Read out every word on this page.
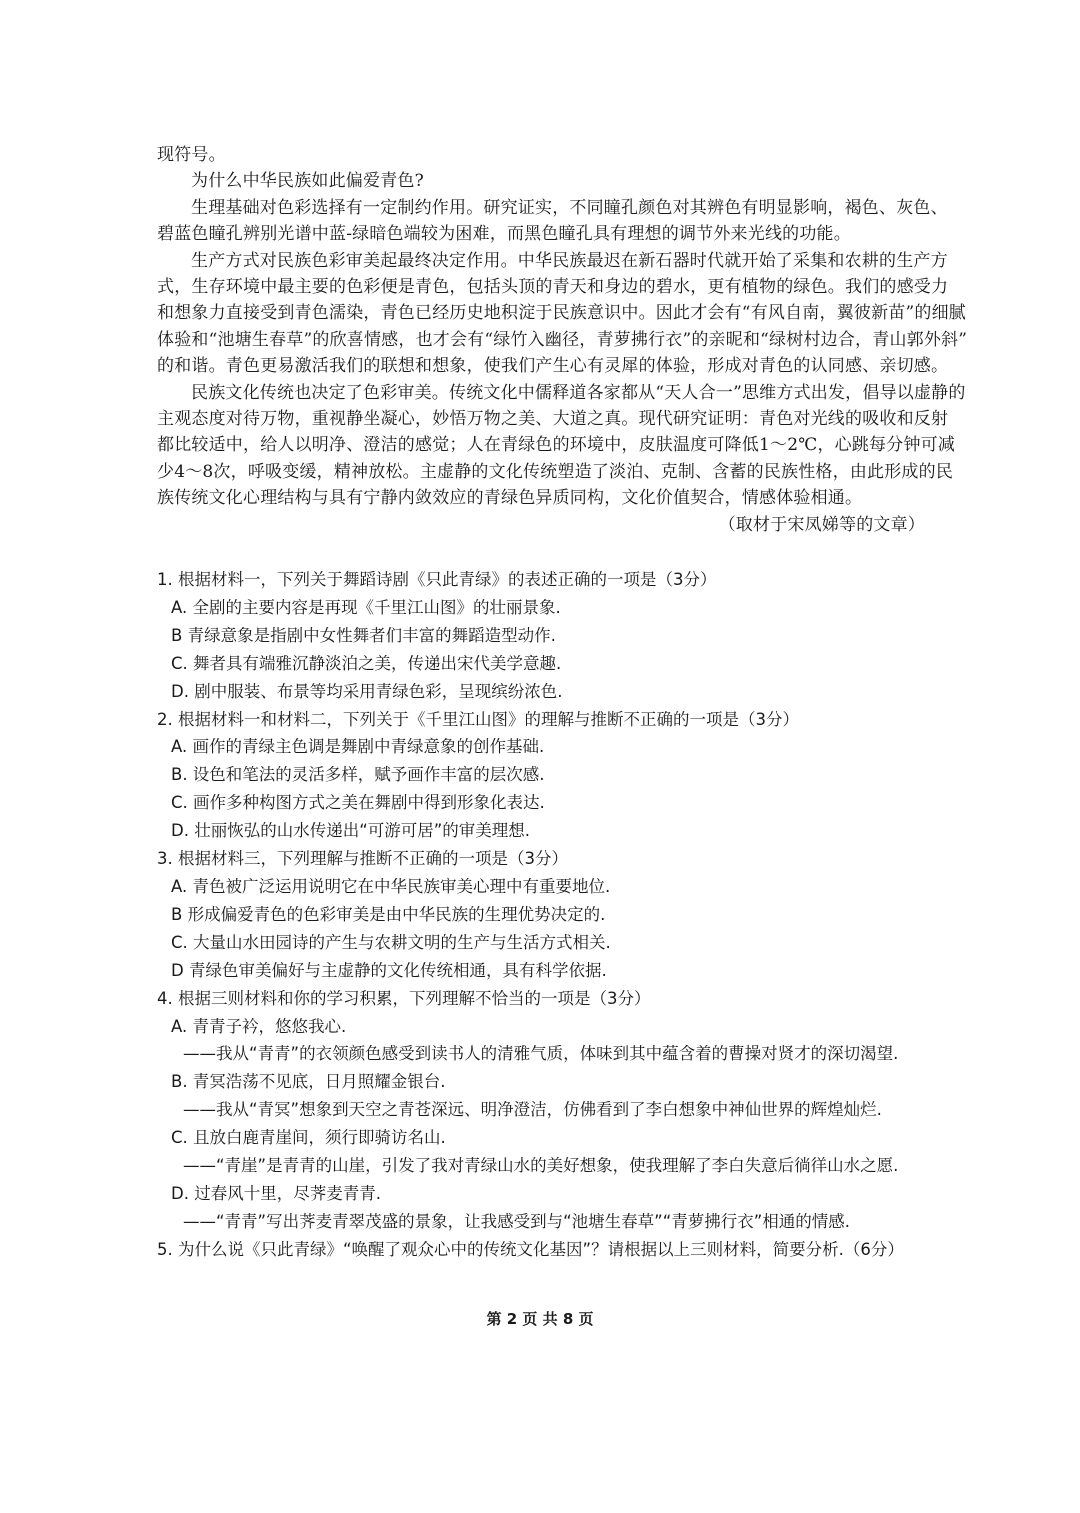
现符号。
为什么中华民族如此偏爱青色?
生理基础对色彩选择有一定制约作用。研究证实，不同瞳孔颜色对其辨色有明显影响，褐色、灰色、
碧蓝色瞳孔辨别光谱中蓝-绿暗色端较为困难，而黑色瞳孔具有理想的调节外来光线的功能。
生产方式对民族色彩审美起最终决定作用。中华民族最迟在新石器时代就开始了采集和农耕的生产方
式，生存环境中最主要的色彩便是青色，包括头顶的青天和身边的碧水，更有植物的绿色。我们的感受力
和想象力直接受到青色濡染，青色已经历史地积淀于民族意识中。因此才会有“有风自南，翼彼新苗”的细腻
体验和“池塘生春草”的欣喜情感，也才会有“绿竹入幽径，青萝拂行衣”的亲昵和“绿树村边合，青山郭外斜”
的和谐。青色更易激活我们的联想和想象，使我们产生心有灵犀的体验，形成对青色的认同感、亲切感。
民族文化传统也决定了色彩审美。传统文化中儒释道各家都从“天人合一”思维方式出发，倡导以虚静的
主观态度对待万物，重视静坐凝心，妙悟万物之美、大道之真。现代研究证明：青色对光线的吸收和反射
都比较适中，给人以明净、澄洁的感觉；人在青绿色的环境中，皮肤温度可降低1～2℃，心跳每分钟可减
少4～8次，呼吸变缓，精神放松。主虚静的文化传统塑造了淡泊、克制、含蓄的民族性格，由此形成的民
族传统文化心理结构与具有宁静内敛效应的青绿色异质同构，文化价值契合，情感体验相通。
（取材于宋凤娣等的文章）
1. 根据材料一，下列关于舞蹈诗剧《只此青绿》的表述正确的一项是（3分）
A. 全剧的主要内容是再现《千里江山图》的壮丽景象.
B 青绿意象是指剧中女性舞者们丰富的舞蹈造型动作.
C. 舞者具有端雅沉静淡泊之美，传递出宋代美学意趣.
D. 剧中服装、布景等均采用青绿色彩，呈现缤纷浓色.
2. 根据材料一和材料二，下列关于《千里江山图》的理解与推断不正确的一项是（3分）
A. 画作的青绿主色调是舞剧中青绿意象的创作基础.
B. 设色和笔法的灵活多样，赋予画作丰富的层次感.
C. 画作多种构图方式之美在舞剧中得到形象化表达.
D. 壮丽恢弘的山水传递出“可游可居”的审美理想.
3. 根据材料三，下列理解与推断不正确的一项是（3分）
A. 青色被广泛运用说明它在中华民族审美心理中有重要地位.
B 形成偏爱青色的色彩审美是由中华民族的生理优势决定的.
C. 大量山水田园诗的产生与农耕文明的生产与生活方式相关.
D 青绿色审美偏好与主虚静的文化传统相通，具有科学依据.
4. 根据三则材料和你的学习积累，下列理解不恰当的一项是（3分）
A. 青青子衿，悠悠我心.
——我从“青青”的衣领颜色感受到读书人的清雅气质，体味到其中蕴含着的曹操对贤才的深切渴望.
B. 青冥浩荡不见底，日月照耀金银台.
——我从“青冥”想象到天空之青苍深远、明净澄洁，仿佛看到了李白想象中神仙世界的辉煌灿烂.
C. 且放白鹿青崖间，须行即骑访名山.
——“青崖”是青青的山崖，引发了我对青绿山水的美好想象，使我理解了李白失意后徜徉山水之愿.
D. 过春风十里，尽荠麦青青.
——“青青”写出荠麦青翠茂盛的景象，让我感受到与“池塘生春草”“青萝拂行衣”相通的情感.
5. 为什么说《只此青绿》“唤醒了观众心中的传统文化基因”？请根据以上三则材料，简要分析.（6分）
第 2 页 共 8 页
